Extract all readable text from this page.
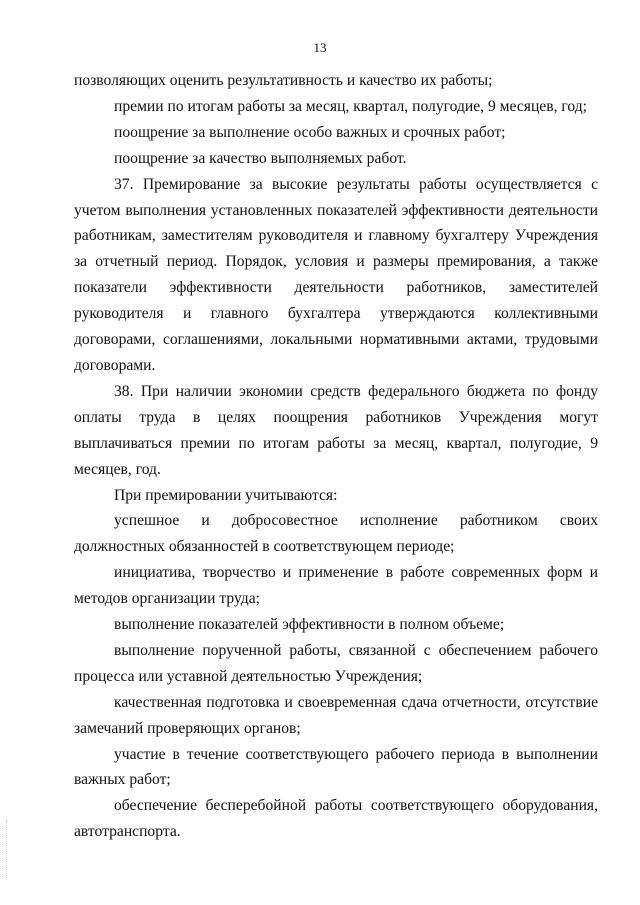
13

позволяющих оценить результативность и качество их работы;

премии по итогам работы за месяц, квартал, полугодие, 9 месяцев, год;

поощрение за выполнение особо важных и срочных работ;

поощрение за качество выполняемых работ.

37. Премирование за высокие результаты работы осуществляется с учетом выполнения установленных показателей эффективности деятельности работникам, заместителям руководителя и главному бухгалтеру Учреждения за отчетный период. Порядок, условия и размеры премирования, а также показатели эффективности деятельности работников, заместителей руководителя и главного бухгалтера утверждаются коллективными договорами, соглашениями, локальными нормативными актами, трудовыми договорами.

38. При наличии экономии средств федерального бюджета по фонду оплаты труда в целях поощрения работников Учреждения могут выплачиваться премии по итогам работы за месяц, квартал, полугодие, 9 месяцев, год.

При премировании учитываются:

успешное и добросовестное исполнение работником своих должностных обязанностей в соответствующем периоде;

инициатива, творчество и применение в работе современных форм и методов организации труда;

выполнение показателей эффективности в полном объеме;

выполнение порученной работы, связанной с обеспечением рабочего процесса или уставной деятельностью Учреждения;

качественная подготовка и своевременная сдача отчетности, отсутствие замечаний проверяющих органов;

участие в течение соответствующего рабочего периода в выполнении важных работ;

обеспечение бесперебойной работы соответствующего оборудования, автотранспорта.
